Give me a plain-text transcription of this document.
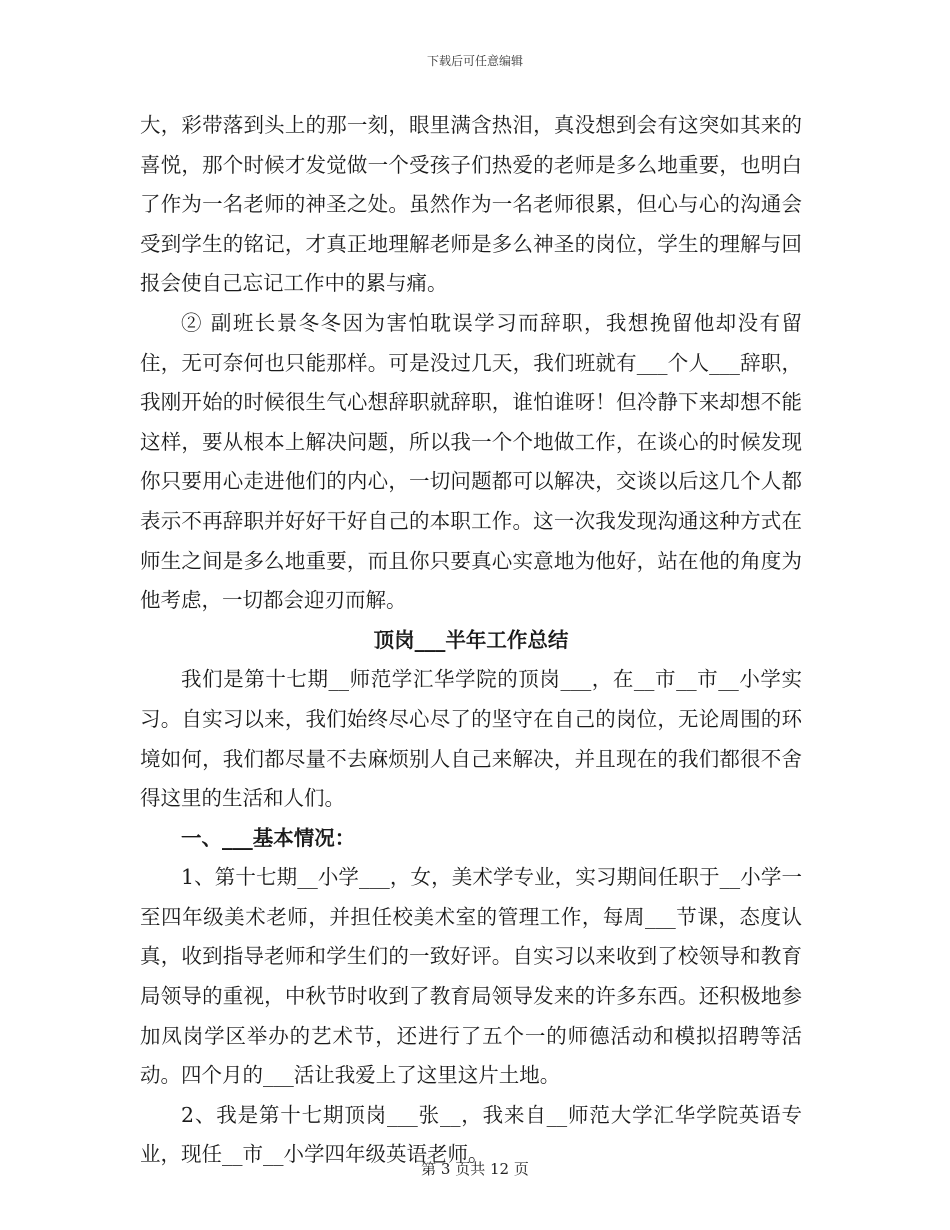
下载后可任意编辑

大，彩带落到头上的那一刻，眼里满含热泪，真没想到会有这突如其来的喜悦，那个时候才发觉做一个受孩子们热爱的老师是多么地重要，也明白了作为一名老师的神圣之处。虽然作为一名老师很累，但心与心的沟通会受到学生的铭记，才真正地理解老师是多么神圣的岗位，学生的理解与回报会使自己忘记工作中的累与痛。

② 副班长景冬冬因为害怕耽误学习而辞职，我想挽留他却没有留住，无可奈何也只能那样。可是没过几天，我们班就有___个人___辞职，我刚开始的时候很生气心想辞职就辞职，谁怕谁呀！但冷静下来却想不能这样，要从根本上解决问题，所以我一个个地做工作，在谈心的时候发现你只要用心走进他们的内心，一切问题都可以解决，交谈以后这几个人都表示不再辞职并好好干好自己的本职工作。这一次我发现沟通这种方式在师生之间是多么地重要，而且你只要真心实意地为他好，站在他的角度为他考虑，一切都会迎刃而解。

顶岗___半年工作总结

我们是第十七期__师范学汇华学院的顶岗___，在__市__市__小学实习。自实习以来，我们始终尽心尽了的坚守在自己的岗位，无论周围的环境如何，我们都尽量不去麻烦别人自己来解决，并且现在的我们都很不舍得这里的生活和人们。

一、___基本情况：

1、第十七期__小学___，女，美术学专业，实习期间任职于__小学一至四年级美术老师，并担任校美术室的管理工作，每周___节课，态度认真，收到指导老师和学生们的一致好评。自实习以来收到了校领导和教育局领导的重视，中秋节时收到了教育局领导发来的许多东西。还积极地参加凤岗学区举办的艺术节，还进行了五个一的师德活动和模拟招聘等活动。四个月的___活让我爱上了这里这片土地。

2、我是第十七期顶岗___张__，我来自__师范大学汇华学院英语专业，现任__市__小学四年级英语老师。

第 3 页共 12 页
